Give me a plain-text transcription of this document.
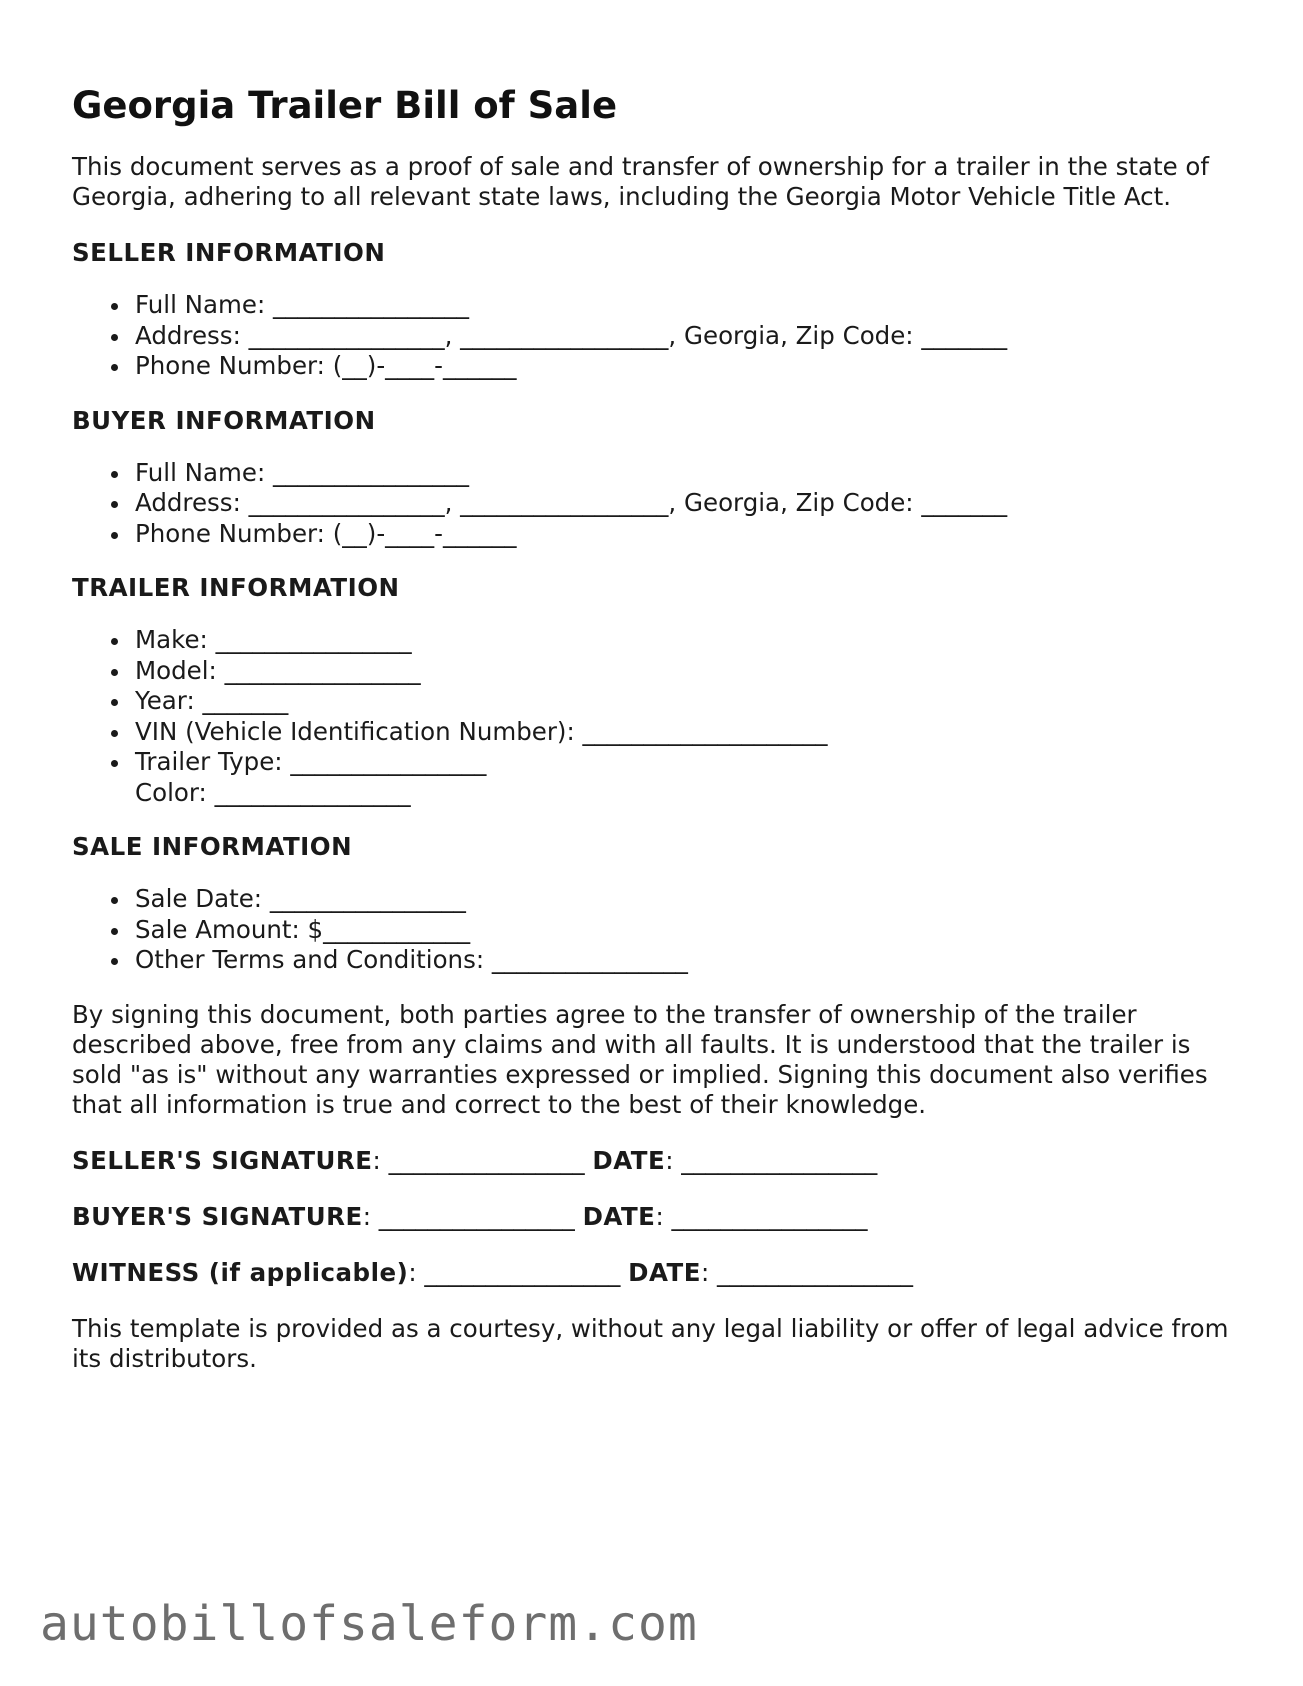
Georgia Trailer Bill of Sale

This document serves as a proof of sale and transfer of ownership for a trailer in the state of Georgia, adhering to all relevant state laws, including the Georgia Motor Vehicle Title Act.

SELLER INFORMATION
Full Name: ________________
Address: ________________, _________________, Georgia, Zip Code: _______
Phone Number: (__)-____-______
BUYER INFORMATION
Full Name: ________________
Address: ________________, _________________, Georgia, Zip Code: _______
Phone Number: (__)-____-______
TRAILER INFORMATION
Make: ________________
Model: ________________
Year: _______
VIN (Vehicle Identification Number): ____________________
Trailer Type: ________________
Color: ________________
SALE INFORMATION
Sale Date: ________________
Sale Amount: $____________
Other Terms and Conditions: ________________

By signing this document, both parties agree to the transfer of ownership of the trailer described above, free from any claims and with all faults. It is understood that the trailer is sold "as is" without any warranties expressed or implied. Signing this document also verifies that all information is true and correct to the best of their knowledge.

SELLER'S SIGNATURE: ________________ DATE: ________________
BUYER'S SIGNATURE: ________________ DATE: ________________
WITNESS (if applicable): ________________ DATE: ________________

This template is provided as a courtesy, without any legal liability or offer of legal advice from its distributors.

autobillofsaleform.com
